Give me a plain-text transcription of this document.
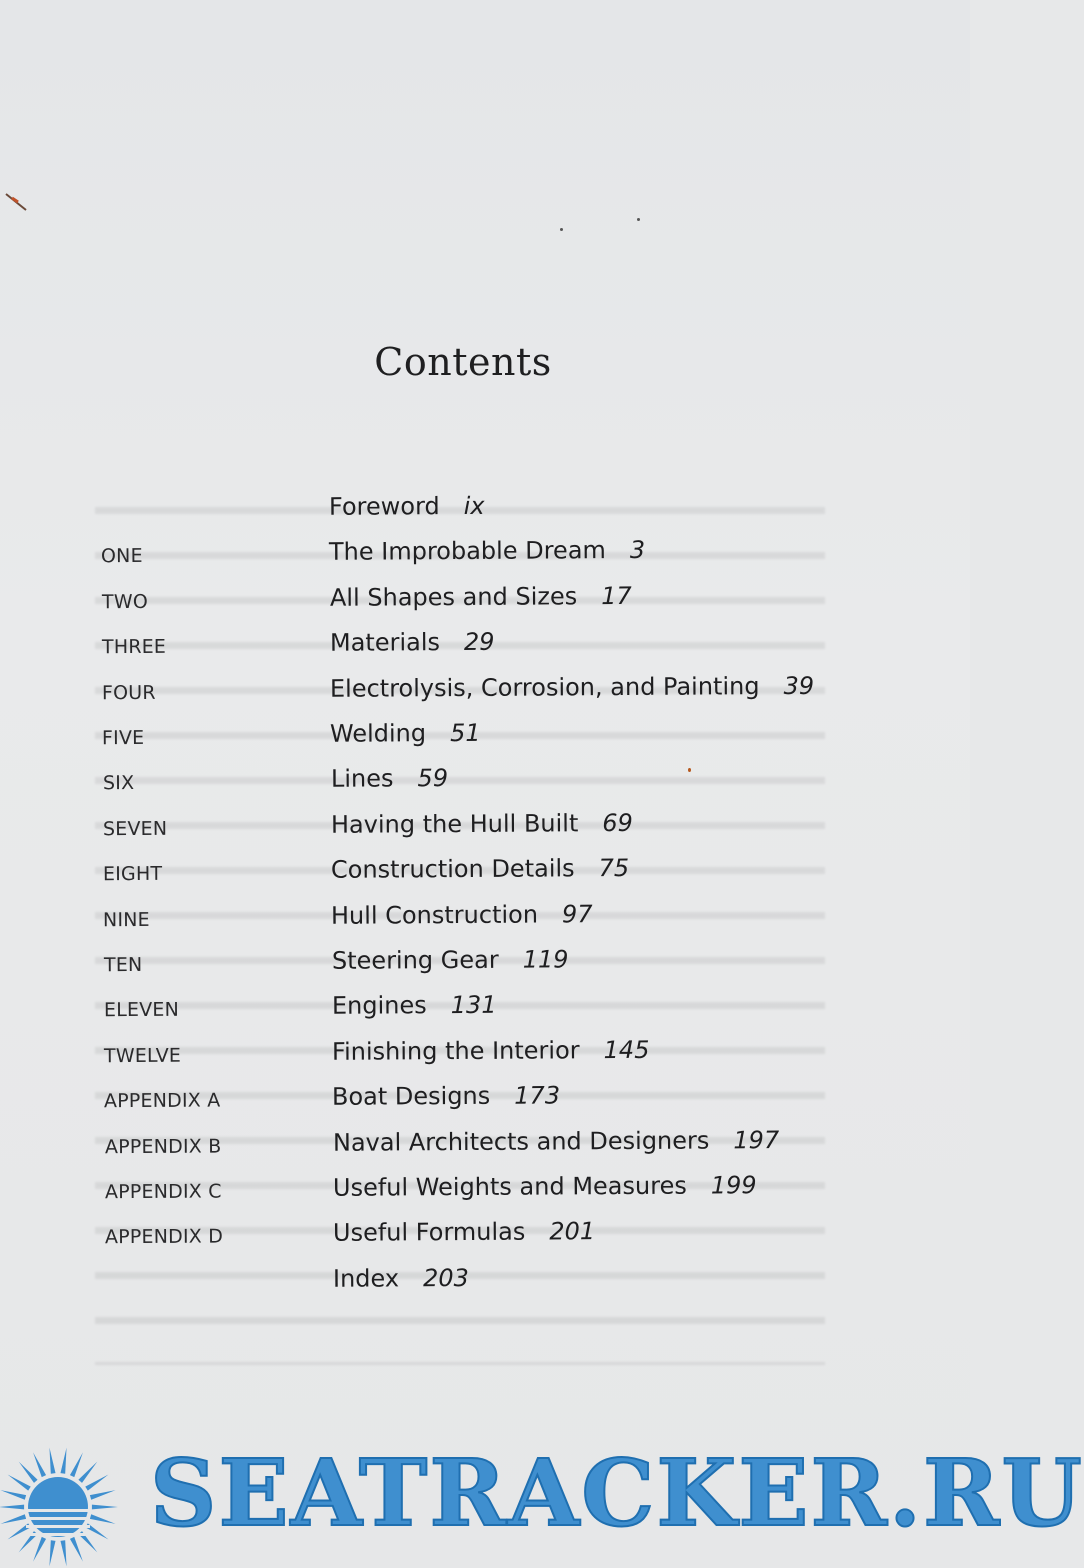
Contents
Foreword ix
ONE	The Improbable Dream 3
TWO	All Shapes and Sizes 17
THREE	Materials 29
FOUR	Electrolysis, Corrosion, and Painting 39
FIVE	Welding 51
SIX	Lines 59
SEVEN	Having the Hull Built 69
EIGHT	Construction Details 75
NINE	Hull Construction 97
TEN	Steering Gear 119
ELEVEN	Engines 131
TWELVE	Finishing the Interior 145
APPENDIX A	Boat Designs 173
APPENDIX B	Naval Architects and Designers 197
APPENDIX C	Useful Weights and Measures 199
APPENDIX D	Useful Formulas 201
Index 203
SEATRACKER.RU
